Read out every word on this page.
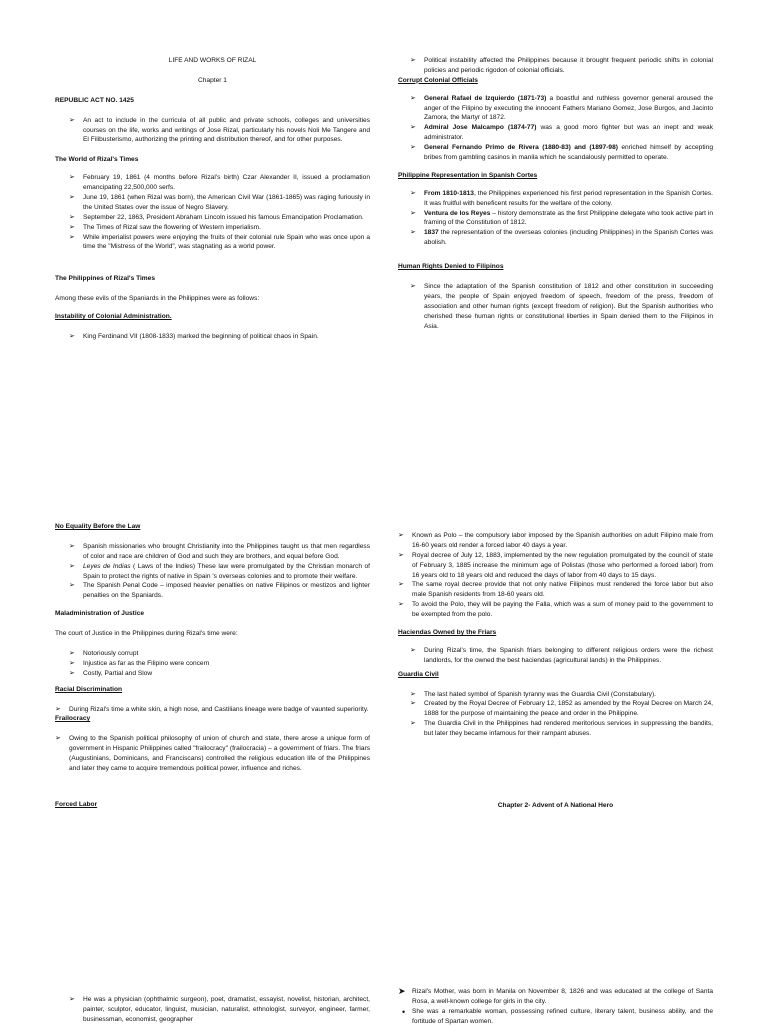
LIFE AND WORKS OF RIZAL

Chapter 1

REPUBLIC ACT NO. 1425

➢ An act to include in the curricula of all public and private schools, colleges and universities courses on the life, works and writings of Jose Rizal, particularly his novels Noli Me Tangere and El Filibusterismo, authorizing the printing and distribution thereof, and for other purposes.

The World of Rizal's Times

➢ February 19, 1861 (4 months before Rizal's birth) Czar Alexander II, issued a proclamation emancipating 22,500,000 serfs.
➢ June 19, 1861 (when Rizal was born), the American Civil War (1861-1865) was raging furiously in the United States over the issue of Negro Slavery.
➢ September 22, 1863, President Abraham Lincoln issued his famous Emancipation Proclamation.
➢ The Times of Rizal saw the flowering of Western imperialism.
➢ While imperialist powers were enjoying the fruits of their colonial rule Spain who was once upon a time the "Mistress of the World", was stagnating as a world power.

The Philippines of Rizal's Times

Among these evils of the Spaniards in the Philippines were as follows:

Instability of Colonial Administration.

➢ King Ferdinand VII (1808-1833) marked the beginning of political chaos in Spain.
➢ Political instability affected the Philippines because it brought frequent periodic shifts in colonial policies and periodic rigodon of colonial officials.

Corrupt Colonial Officials

➢ General Rafael de Izquierdo (1871-73) a boastful and ruthless governor general aroused the anger of the Filipino by executing the innocent Fathers Mariano Gomez, Jose Burgos, and Jacinto Zamora, the Martyr of 1872.
➢ Admiral Jose Malcampo (1874-77) was a good moro fighter but was an inept and weak administrator.
➢ General Fernando Primo de Rivera (1880-83) and (1897-98) enriched himself by accepting bribes from gambling casinos in manila which he scandalously permitted to operate.

Philippine Representation in Spanish Cortes

➢ From 1810-1813, the Philippines experienced his first period representation in the Spanish Cortes. It was fruitful with beneficent results for the welfare of the colony.
➢ Ventura de los Reyes – history demonstrate as the first Philippine delegate who took active part in framing of the Constitution of 1812.
➢ 1837 the representation of the overseas colonies (including Philippines) in the Spanish Cortes was abolish.

Human Rights Denied to Filipinos

➢ Since the adaptation of the Spanish constitution of 1812 and other constitution in succeeding years, the people of Spain enjoyed freedom of speech, freedom of the press, freedom of association and other human rights (except freedom of religion). But the Spanish authorities who cherished these human rights or constitutional liberties in Spain denied them to the Filipinos in Asia.

No Equality Before the Law

➢ Spanish missionaries who brought Christianity into the Philippines taught us that men regardless of color and race are children of God and such they are brothers, and equal before God.
➢ Leyes de Indias ( Laws of the Indies) These law were promulgated by the Christian monarch of Spain to protect the rights of native in Spain 's overseas colonies and to promote their welfare.
➢ The Spanish Penal Code – imposed heavier penalties on native Filipinos or mestizos and lighter penalties on the Spaniards.

Maladministration of Justice

The court of Justice in the Philippines during Rizal's time were:

➢ Notoriously corrupt
➢ Injustice as far as the Filipino were concern
➢ Costly, Partial and Slow

Racial Discrimination

➢ During Rizal's time a white skin, a high nose, and Castilians lineage were badge of vaunted superiority.

Frailocracy

➢ Owing to the Spanish political philosophy of union of church and state, there arose a unique form of government in Hispanic Philippines called "frailocracy" (frailocracia) – a government of friars. The friars (Augustinians, Dominicans, and Franciscans) controlled the religious education life of the Philippines and later they came to acquire tremendous political power, influence and riches.

Forced Labor

➢ Known as Polo – the compulsory labor imposed by the Spanish authorities on adult Filipino male from 16-60 years old render a forced labor 40 days a year.
➢ Royal decree of July 12, 1883, implemented by the new regulation promulgated by the council of state of February 3, 1885 increase the minimum age of Polistas (those who performed a forced labor) from 16 years old to 18 years old and reduced the days of labor from 40 days to 15 days.
➢ The same royal decree provide that not only native Filipinos must rendered the force labor but also male Spanish residents from 18-60 years old.
➢ To avoid the Polo, they will be paying the Falla, which was a sum of money paid to the government to be exempted from the polo.

Haciendas Owned by the Friars

➢ During Rizal's time, the Spanish friars belonging to different religious orders were the richest landlords, for the owned the best haciendas (agricultural lands) in the Philippines.

Guardia Civil

➢ The last hated symbol of Spanish tyranny was the Guardia Civil (Constabulary).
➢ Created by the Royal Decree of February 12, 1852 as amended by the Royal Decree on March 24, 1888 for the purpose of maintaining the peace and order in the Philippine.
➢ The Guardia Civil in the Philippines had rendered meritorious services in suppressing the bandits, but later they became infamous for their rampant abuses.

Chapter 2- Advent of A National Hero

➢ He was a physician (ophthalmic surgeon), poet, dramatist, essayist, novelist, historian, architect, painter, sculptor, educator, linguist, musician, naturalist, ethnologist, surveyor, engineer, farmer, businessman, economist, geographer
➤ Rizal's Mother, was born in Manila on November 8, 1826 and was educated at the college of Santa Rosa, a well-known college for girls in the city.
• She was a remarkable woman, possessing refined culture, literary talent, business ability, and the fortitude of Spartan women.
